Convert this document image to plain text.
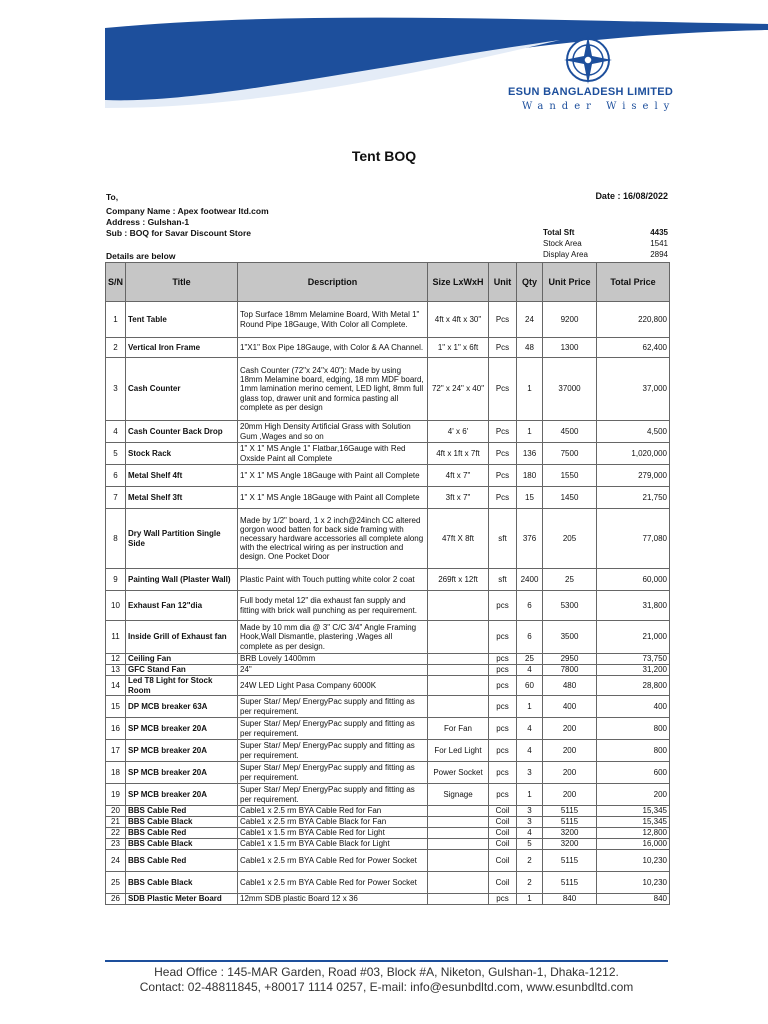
ESUN BANGLADESH LIMITED
Wander Wisely
Tent BOQ
To,	Date : 16/08/2022
Company Name : Apex footwear ltd.com
Address : Gulshan-1
Sub : BOQ for Savar Discount Store
Details are below
Total Sft	4435
Stock Area	1541
Display Area	2894
S/N	Title	Description	Size LxWxH	Unit	Qty	Unit Price	Total Price
1	Tent Table	Top Surface 18mm Melamine Board, With Metal 1" Round Pipe 18Gauge, With Color all Complete.	4ft x 4ft x 30"	Pcs	24	9200	220,800
2	Vertical Iron Frame	1"X1" Box Pipe 18Gauge, with Color & AA Channel.	1" x 1" x 6ft	Pcs	48	1300	62,400
3	Cash Counter	Cash Counter (72"x 24"x 40"): Made by using 18mm Melamine board, edging, 18 mm MDF board, 1mm lamination merino cement, LED light, 8mm full glass top, drawer unit and formica pasting all complete as per design	72" x 24" x 40"	Pcs	1	37000	37,000
4	Cash Counter Back Drop	20mm High Density Artificial Grass with Solution Gum ,Wages and so on	4' x 6'	Pcs	1	4500	4,500
5	Stock Rack	1" X 1" MS Angle 1" Flatbar,16Gauge with Red Oxside Paint all Complete	4ft x 1ft x 7ft	Pcs	136	7500	1,020,000
6	Metal Shelf 4ft	1" X 1" MS Angle 18Gauge with Paint all Complete	4ft x 7"	Pcs	180	1550	279,000
7	Metal Shelf 3ft	1" X 1" MS Angle 18Gauge with Paint all Complete	3ft x 7"	Pcs	15	1450	21,750
8	Dry Wall Partition Single Side	Made by 1/2" board, 1 x 2 inch@24inch CC altered gorgon wood batten for back side framing with necessary hardware accessories all complete along with the electrical wiring as per instruction and design. One Pocket Door	47ft X 8ft	sft	376	205	77,080
9	Painting Wall (Plaster Wall)	Plastic Paint with Touch putting white color 2 coat	269ft x 12ft	sft	2400	25	60,000
10	Exhaust Fan 12"dia	Full body metal 12" dia exhaust fan supply and fitting with brick wall punching as per requirement.		pcs	6	5300	31,800
11	Inside Grill of Exhaust fan	Made by 10 mm dia @ 3" C/C 3/4" Angle Framing Hook,Wall Dismantle, plastering ,Wages all complete as per design.		pcs	6	3500	21,000
12	Ceiling Fan	BRB Lovely 1400mm		pcs	25	2950	73,750
13	GFC Stand Fan	24"		pcs	4	7800	31,200
14	Led T8 Light for Stock Room	24W LED Light Pasa Company 6000K		pcs	60	480	28,800
15	DP MCB breaker 63A	Super Star/ Mep/ EnergyPac supply and fitting as per requirement.		pcs	1	400	400
16	SP MCB breaker 20A	Super Star/ Mep/ EnergyPac supply and fitting as per requirement.	For Fan	pcs	4	200	800
17	SP MCB breaker 20A	Super Star/ Mep/ EnergyPac supply and fitting as per requirement.	For Led Light	pcs	4	200	800
18	SP MCB breaker 20A	Super Star/ Mep/ EnergyPac supply and fitting as per requirement.	Power Socket	pcs	3	200	600
19	SP MCB breaker 20A	Super Star/ Mep/ EnergyPac supply and fitting as per requirement.	Signage	pcs	1	200	200
20	BBS Cable Red	Cable1 x 2.5 rm BYA Cable Red for Fan		Coil	3	5115	15,345
21	BBS Cable Black	Cable1 x 2.5 rm BYA Cable Black for Fan		Coil	3	5115	15,345
22	BBS Cable Red	Cable1 x 1.5 rm BYA Cable Red for Light		Coil	4	3200	12,800
23	BBS Cable Black	Cable1 x 1.5 rm BYA Cable Black for Light		Coil	5	3200	16,000
24	BBS Cable Red	Cable1 x 2.5 rm BYA Cable Red for Power Socket		Coil	2	5115	10,230
25	BBS Cable Black	Cable1 x 2.5 rm BYA Cable Red for Power Socket		Coil	2	5115	10,230
26	SDB Plastic Meter Board	12mm SDB plastic Board 12 x 36		pcs	1	840	840
Head Office : 145-MAR Garden, Road #03, Block #A, Niketon, Gulshan-1, Dhaka-1212.
Contact: 02-48811845, +80017 1114 0257, E-mail: info@esunbdltd.com, www.esunbdltd.com
